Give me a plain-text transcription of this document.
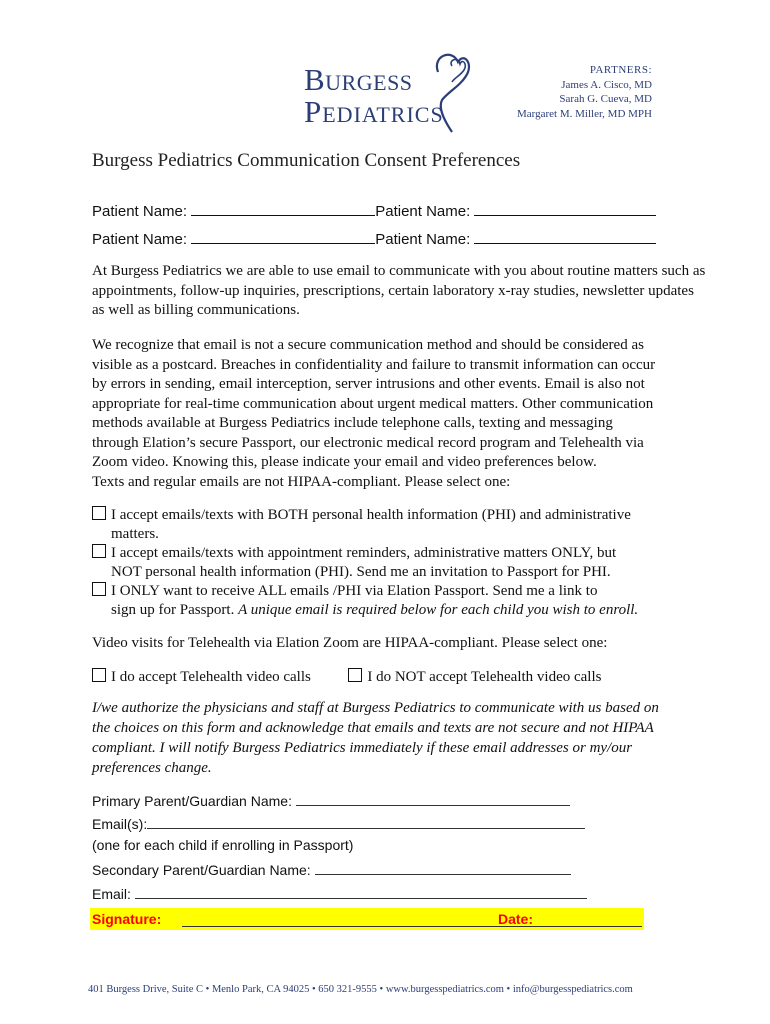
Burgess
Pediatrics
PARTNERS:
James A. Cisco, MD
Sarah G. Cueva, MD
Margaret M. Miller, MD MPH
Burgess Pediatrics Communication Consent Preferences
Patient Name:	Patient Name:
Patient Name:	Patient Name:
At Burgess Pediatrics we are able to use email to communicate with you about routine matters such as appointments, follow-up inquiries, prescriptions, certain laboratory x-ray studies, newsletter updates as well as billing communications.
We recognize that email is not a secure communication method and should be considered as
visible as a postcard. Breaches in confidentiality and failure to transmit information can occur
by errors in sending, email interception, server intrusions and other events. Email is also not
appropriate for real-time communication about urgent medical matters. Other communication
methods available at Burgess Pediatrics include telephone calls, texting and messaging
through Elation’s secure Passport, our electronic medical record program and Telehealth via
Zoom video. Knowing this, please indicate your email and video preferences below.
Texts and regular emails are not HIPAA-compliant. Please select one:
I accept emails/texts with BOTH personal health information (PHI) and administrative
matters.
I accept emails/texts with appointment reminders, administrative matters ONLY, but
NOT personal health information (PHI). Send me an invitation to Passport for PHI.
I ONLY want to receive ALL emails /PHI via Elation Passport. Send me a link to
sign up for Passport. A unique email is required below for each child you wish to enroll.
Video visits for Telehealth via Elation Zoom are HIPAA-compliant. Please select one:
I do accept Telehealth video calls	I do NOT accept Telehealth video calls
I/we authorize the physicians and staff at Burgess Pediatrics to communicate with us based on
the choices on this form and acknowledge that emails and texts are not secure and not HIPAA
compliant. I will notify Burgess Pediatrics immediately if these email addresses or my/our
preferences change.
Primary Parent/Guardian Name:
Email(s):
(one for each child if enrolling in Passport)
Secondary Parent/Guardian Name:
Email:
Signature:	Date:
401 Burgess Drive, Suite C • Menlo Park, CA 94025 • 650 321-9555 • www.burgesspediatrics.com • info@burgesspediatrics.com
